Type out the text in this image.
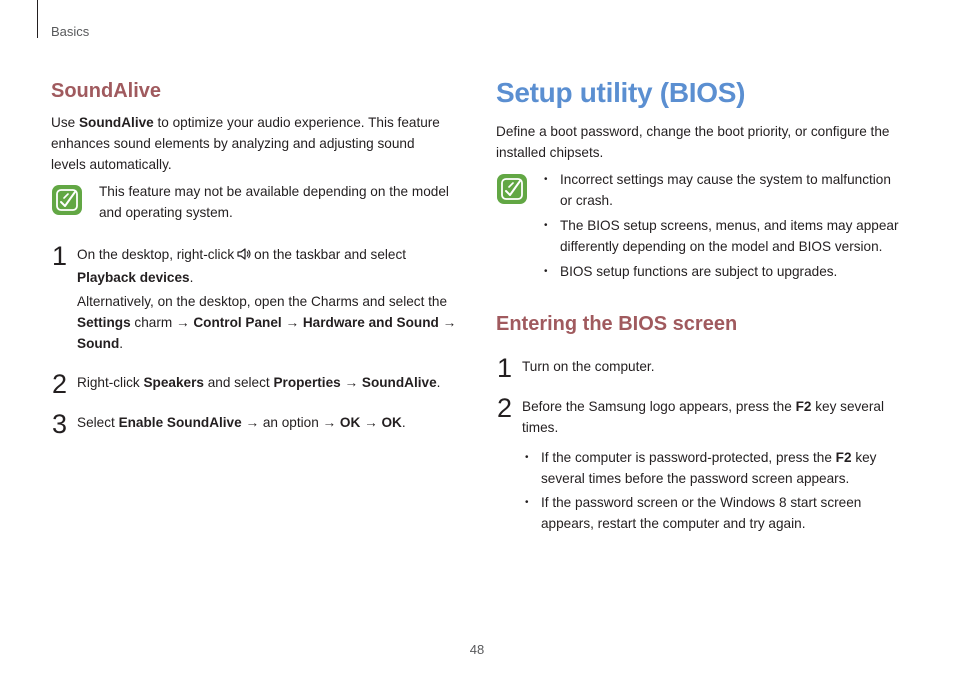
Basics
SoundAlive

Use SoundAlive to optimize your audio experience. This feature

enhances sound elements by analyzing and adjusting sound

levels automatically.

This feature may not be available depending on the model

and operating system.

1 On the desktop, right-click on the taskbar and select

Playback devices.

Alternatively, on the desktop, open the Charms and select the

Settings charm → Control Panel → Hardware and Sound →

Sound.

2 Right-click Speakers and select Properties → SoundAlive.

3 Select Enable SoundAlive → an option → OK → OK.

Setup utility (BIOS)

Define a boot password, change the boot priority, or configure the

installed chipsets.

• Incorrect settings may cause the system to malfunction

or crash.

• The BIOS setup screens, menus, and items may appear

differently depending on the model and BIOS version.

• BIOS setup functions are subject to upgrades.

Entering the BIOS screen
1 Turn on the computer.

2 Before the Samsung logo appears, press the F2 key several

times.

• If the computer is password-protected, press the F2 key

several times before the password screen appears.

• If the password screen or the Windows 8 start screen

appears, restart the computer and try again.

48
